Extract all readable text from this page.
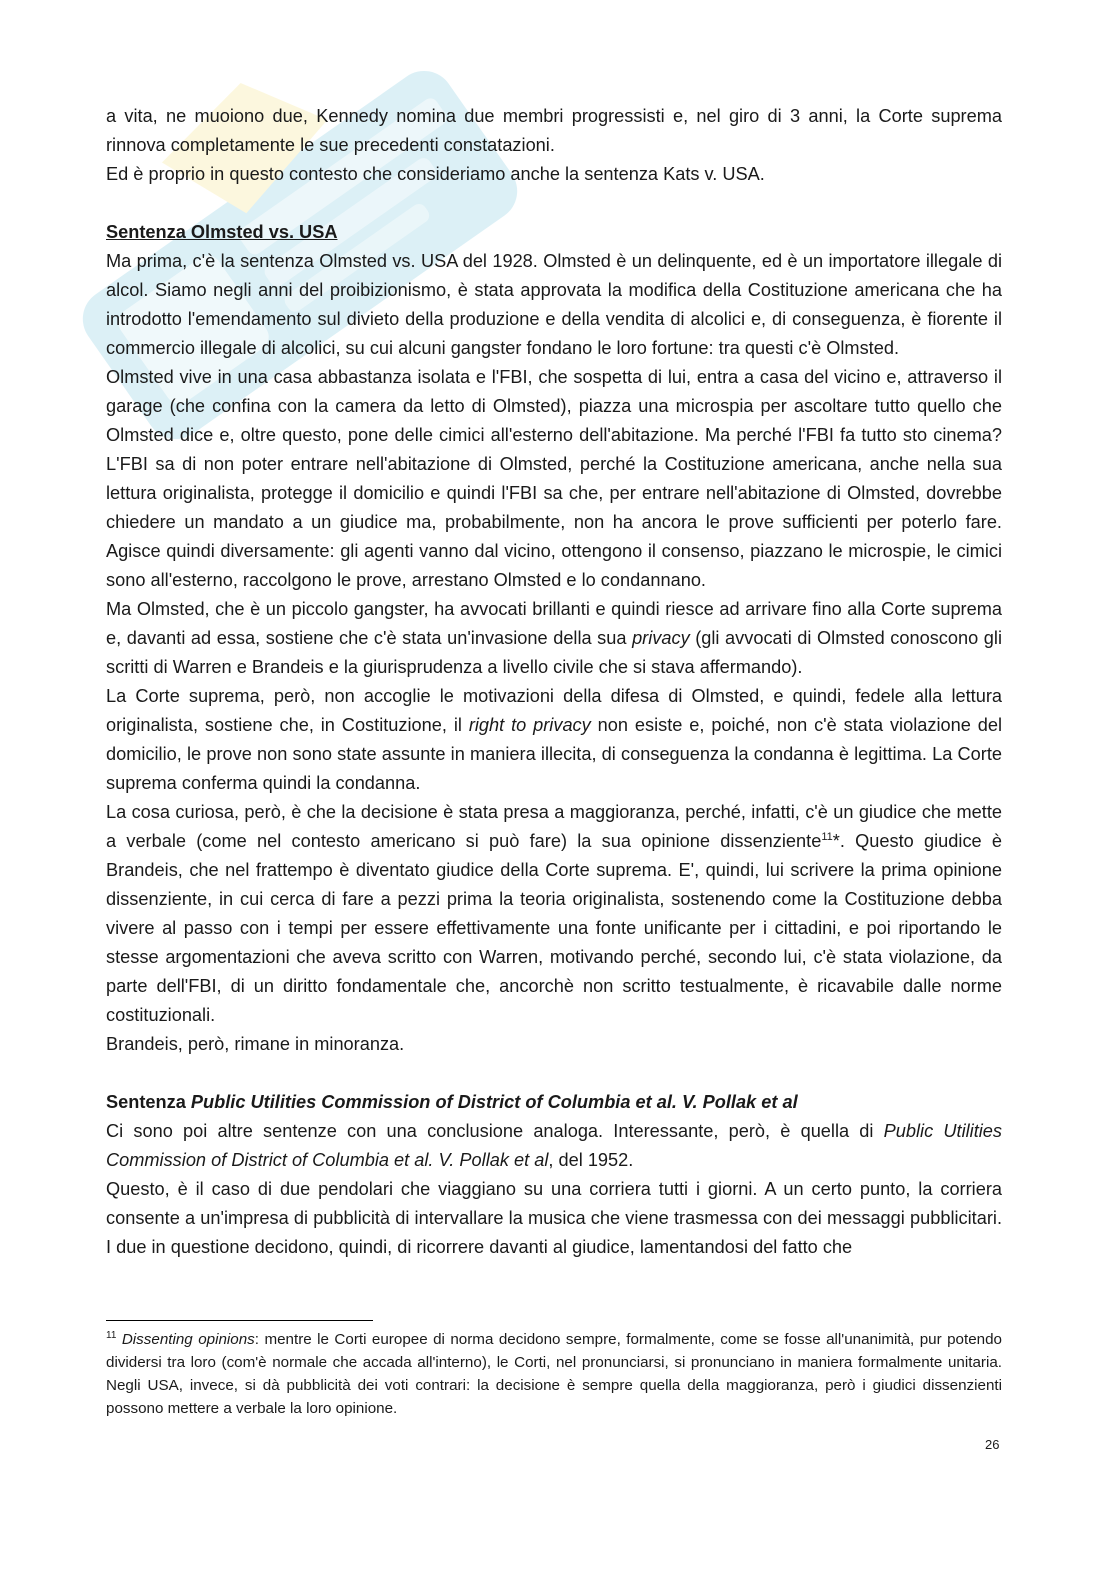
a vita, ne muoiono due, Kennedy nomina due membri progressisti e, nel giro di 3 anni, la Corte suprema rinnova completamente le sue precedenti constatazioni.

Ed è proprio in questo contesto che consideriamo anche la sentenza Kats v. USA.

Sentenza Olmsted vs. USA

Ma prima, c'è la sentenza Olmsted vs. USA del 1928. Olmsted è un delinquente, ed è un importatore illegale di alcol. Siamo negli anni del proibizionismo, è stata approvata la modifica della Costituzione americana che ha introdotto l'emendamento sul divieto della produzione e della vendita di alcolici e, di conseguenza, è fiorente il commercio illegale di alcolici, su cui alcuni gangster fondano le loro fortune: tra questi c'è Olmsted.

Olmsted vive in una casa abbastanza isolata e l'FBI, che sospetta di lui, entra a casa del vicino e, attraverso il garage (che confina con la camera da letto di Olmsted), piazza una microspia per ascoltare tutto quello che Olmsted dice e, oltre questo, pone delle cimici all'esterno dell'abitazione. Ma perché l'FBI fa tutto sto cinema? L'FBI sa di non poter entrare nell'abitazione di Olmsted, perché la Costituzione americana, anche nella sua lettura originalista, protegge il domicilio e quindi l'FBI sa che, per entrare nell'abitazione di Olmsted, dovrebbe chiedere un mandato a un giudice ma, probabilmente, non ha ancora le prove sufficienti per poterlo fare. Agisce quindi diversamente: gli agenti vanno dal vicino, ottengono il consenso, piazzano le microspie, le cimici sono all'esterno, raccolgono le prove, arrestano Olmsted e lo condannano.

Ma Olmsted, che è un piccolo gangster, ha avvocati brillanti e quindi riesce ad arrivare fino alla Corte suprema e, davanti ad essa, sostiene che c'è stata un'invasione della sua privacy (gli avvocati di Olmsted conoscono gli scritti di Warren e Brandeis e la giurisprudenza a livello civile che si stava affermando).

La Corte suprema, però, non accoglie le motivazioni della difesa di Olmsted, e quindi, fedele alla lettura originalista, sostiene che, in Costituzione, il right to privacy non esiste e, poiché, non c'è stata violazione del domicilio, le prove non sono state assunte in maniera illecita, di conseguenza la condanna è legittima. La Corte suprema conferma quindi la condanna.

La cosa curiosa, però, è che la decisione è stata presa a maggioranza, perché, infatti, c'è un giudice che mette a verbale (come nel contesto americano si può fare) la sua opinione dissenziente$^{11}$*. Questo giudice è Brandeis, che nel frattempo è diventato giudice della Corte suprema. E', quindi, lui scrivere la prima opinione dissenziente, in cui cerca di fare a pezzi prima la teoria originalista, sostenendo come la Costituzione debba vivere al passo con i tempi per essere effettivamente una fonte unificante per i cittadini, e poi riportando le stesse argomentazioni che aveva scritto con Warren, motivando perché, secondo lui, c'è stata violazione, da parte dell'FBI, di un diritto fondamentale che, ancorchè non scritto testualmente, è ricavabile dalle norme costituzionali.

Brandeis, però, rimane in minoranza.

Sentenza Public Utilities Commission of District of Columbia et al. V. Pollak et al

Ci sono poi altre sentenze con una conclusione analoga. Interessante, però, è quella di Public Utilities Commission of District of Columbia et al. V. Pollak et al, del 1952.

Questo, è il caso di due pendolari che viaggiano su una corriera tutti i giorni. A un certo punto, la corriera consente a un'impresa di pubblicità di intervallare la musica che viene trasmessa con dei messaggi pubblicitari. I due in questione decidono, quindi, di ricorrere davanti al giudice, lamentandosi del fatto che

$^{11}$ Dissenting opinions: mentre le Corti europee di norma decidono sempre, formalmente, come se fosse all'unanimità, pur potendo dividersi tra loro (com'è normale che accada all'interno), le Corti, nel pronunciarsi, si pronunciano in maniera formalmente unitaria. Negli USA, invece, si dà pubblicità dei voti contrari: la decisione è sempre quella della maggioranza, però i giudici dissenzienti possono mettere a verbale la loro opinione.
26
